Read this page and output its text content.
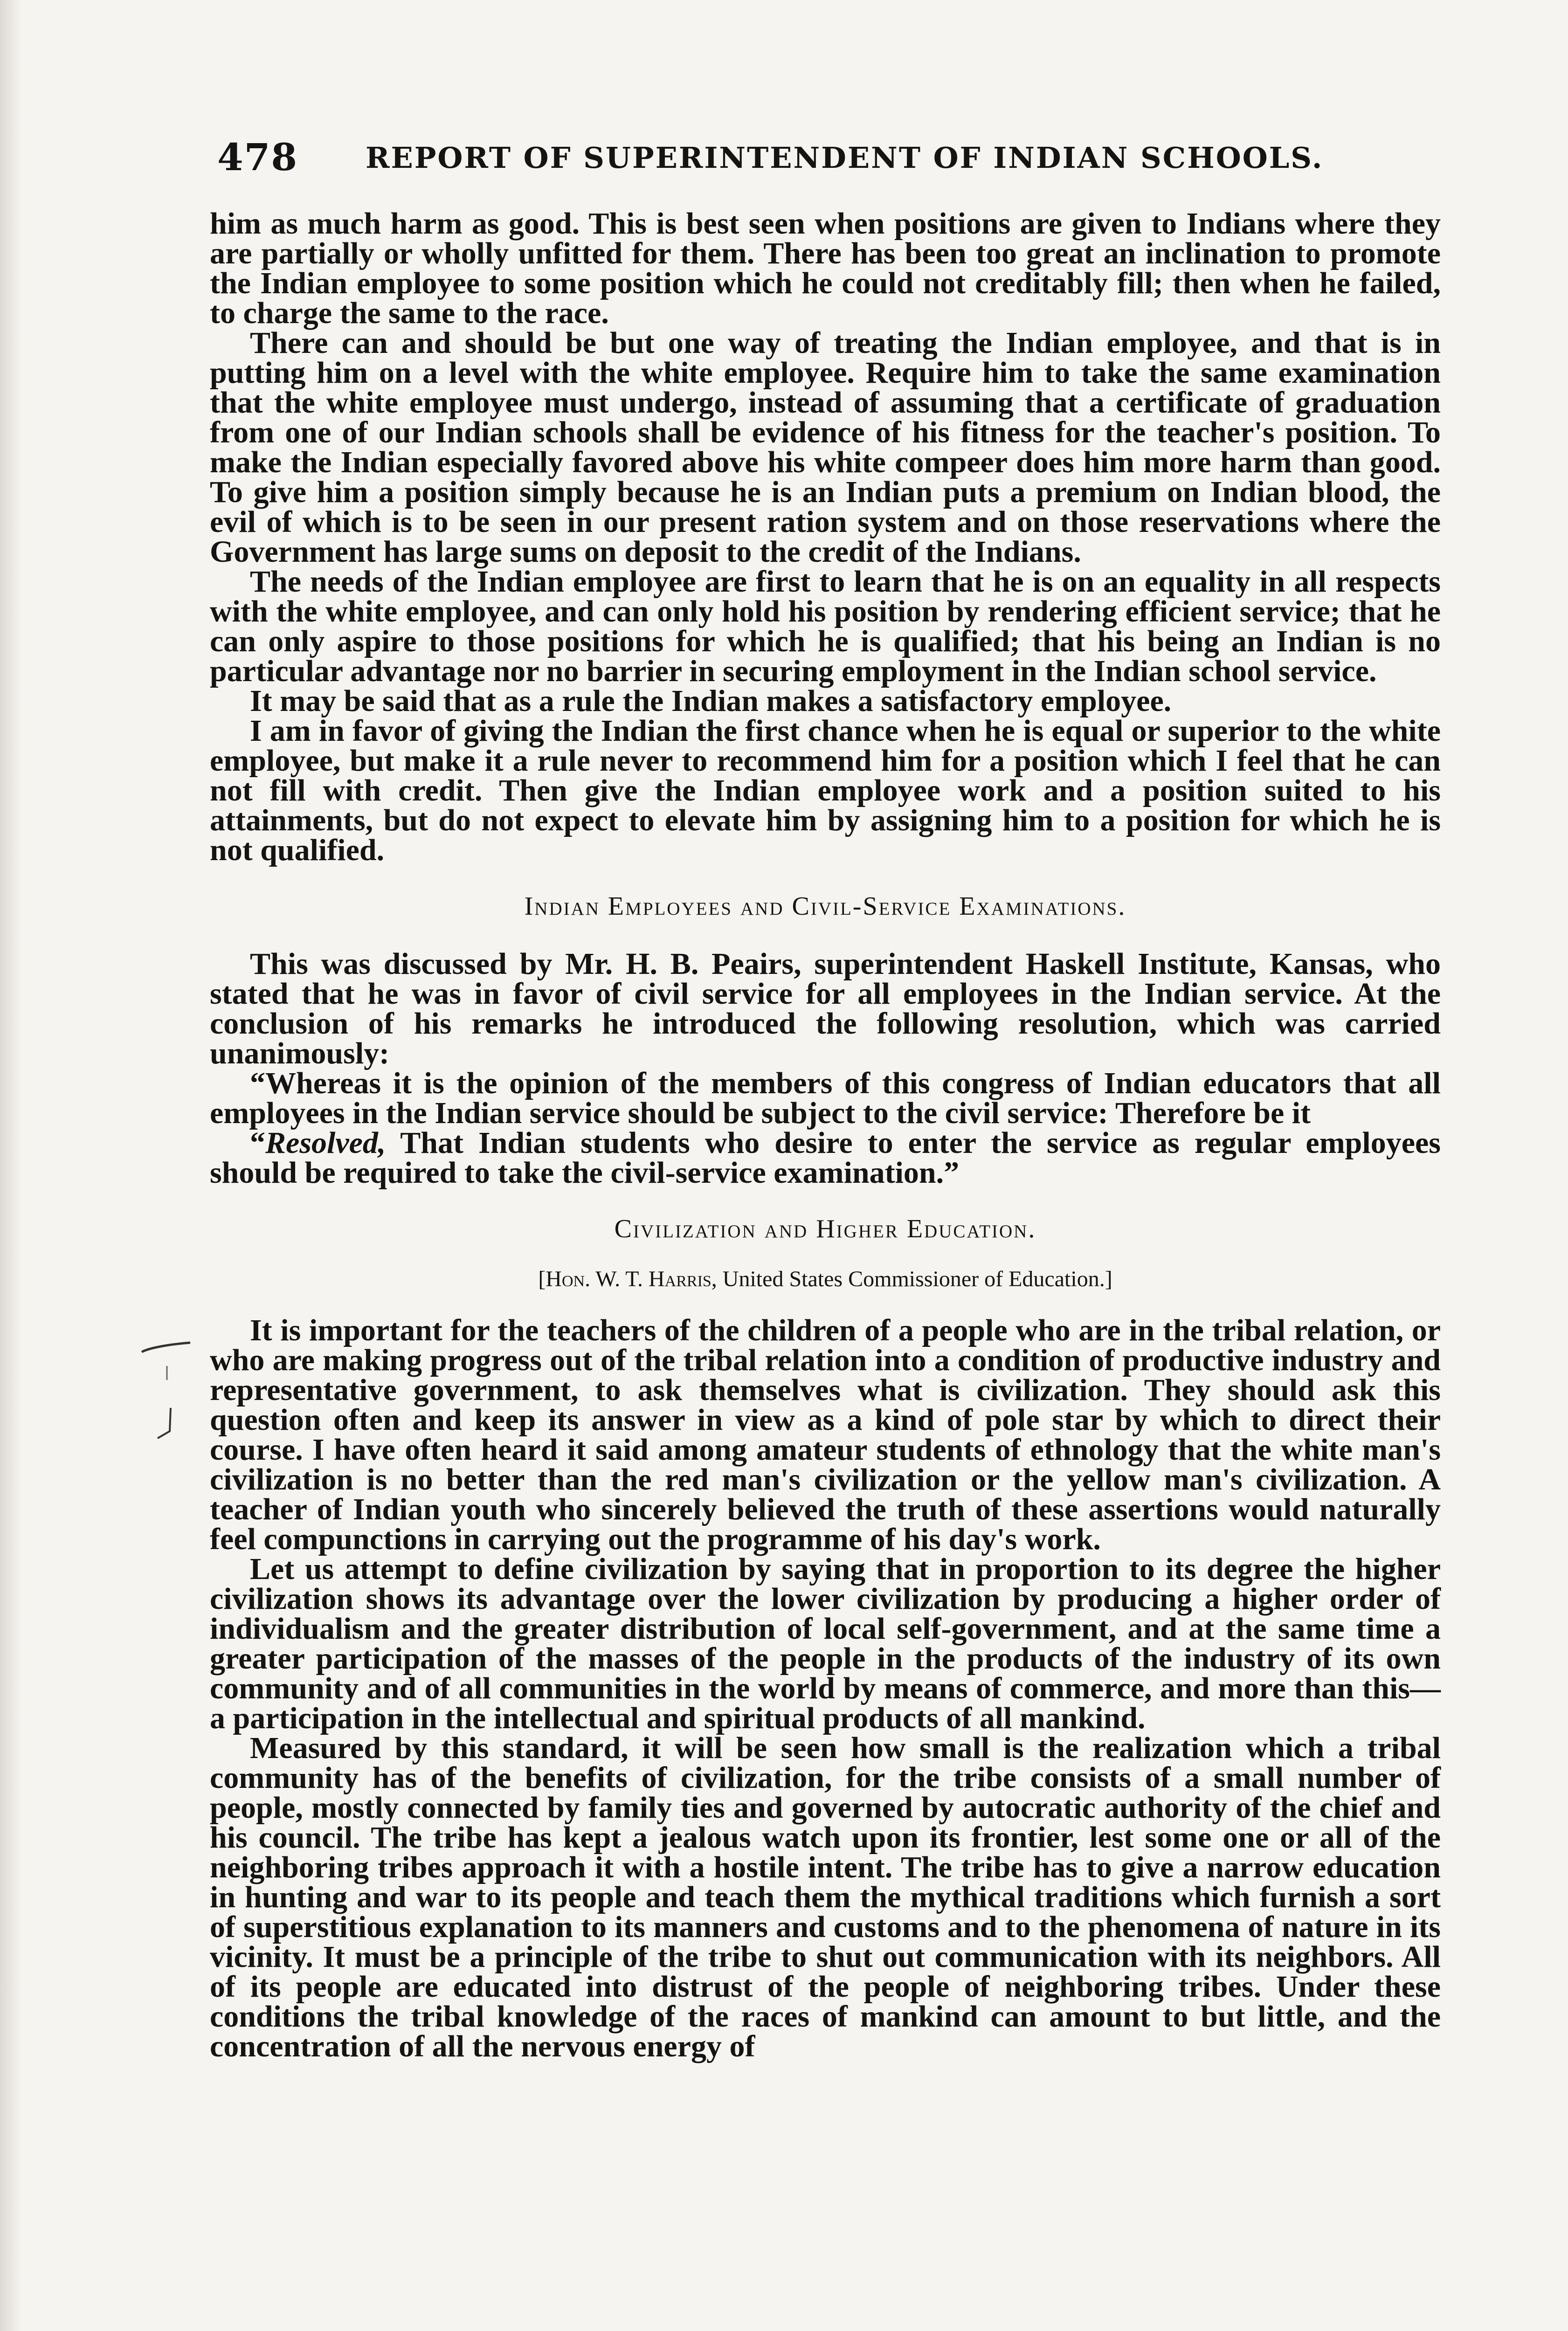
478 REPORT OF SUPERINTENDENT OF INDIAN SCHOOLS.

him as much harm as good. This is best seen when positions are given to Indians where they are partially or wholly unfitted for them. There has been too great an inclination to promote the Indian employee to some position which he could not creditably fill; then when he failed, to charge the same to the race.

There can and should be but one way of treating the Indian employee, and that is in putting him on a level with the white employee. Require him to take the same examination that the white employee must undergo, instead of assuming that a certificate of graduation from one of our Indian schools shall be evidence of his fitness for the teacher's position. To make the Indian especially favored above his white compeer does him more harm than good. To give him a position simply because he is an Indian puts a premium on Indian blood, the evil of which is to be seen in our present ration system and on those reservations where the Government has large sums on deposit to the credit of the Indians.

The needs of the Indian employee are first to learn that he is on an equality in all respects with the white employee, and can only hold his position by rendering efficient service; that he can only aspire to those positions for which he is qualified; that his being an Indian is no particular advantage nor no barrier in securing employment in the Indian school service.

It may be said that as a rule the Indian makes a satisfactory employee.

I am in favor of giving the Indian the first chance when he is equal or superior to the white employee, but make it a rule never to recommend him for a position which I feel that he can not fill with credit. Then give the Indian employee work and a position suited to his attainments, but do not expect to elevate him by assigning him to a position for which he is not qualified.

Indian Employees and Civil-Service Examinations.

This was discussed by Mr. H. B. Peairs, superintendent Haskell Institute, Kansas, who stated that he was in favor of civil service for all employees in the Indian service. At the conclusion of his remarks he introduced the following resolution, which was carried unanimously:

“Whereas it is the opinion of the members of this congress of Indian educators that all employees in the Indian service should be subject to the civil service: Therefore be it

“Resolved, That Indian students who desire to enter the service as regular employees should be required to take the civil-service examination.”

Civilization and Higher Education.
[Hon. W. T. Harris, United States Commissioner of Education.]

It is important for the teachers of the children of a people who are in the tribal relation, or who are making progress out of the tribal relation into a condition of productive industry and representative government, to ask themselves what is civilization. They should ask this question often and keep its answer in view as a kind of pole star by which to direct their course. I have often heard it said among amateur students of ethnology that the white man's civilization is no better than the red man's civilization or the yellow man's civilization. A teacher of Indian youth who sincerely believed the truth of these assertions would naturally feel compunctions in carrying out the programme of his day's work.

Let us attempt to define civilization by saying that in proportion to its degree the higher civilization shows its advantage over the lower civilization by producing a higher order of individualism and the greater distribution of local self-government, and at the same time a greater participation of the masses of the people in the products of the industry of its own community and of all communities in the world by means of commerce, and more than this—a participation in the intellectual and spiritual products of all mankind.

Measured by this standard, it will be seen how small is the realization which a tribal community has of the benefits of civilization, for the tribe consists of a small number of people, mostly connected by family ties and governed by autocratic authority of the chief and his council. The tribe has kept a jealous watch upon its frontier, lest some one or all of the neighboring tribes approach it with a hostile intent. The tribe has to give a narrow education in hunting and war to its people and teach them the mythical traditions which furnish a sort of superstitious explanation to its manners and customs and to the phenomena of nature in its vicinity. It must be a principle of the tribe to shut out communication with its neighbors. All of its people are educated into distrust of the people of neighboring tribes. Under these conditions the tribal knowledge of the races of mankind can amount to but little, and the concentration of all the nervous energy of
